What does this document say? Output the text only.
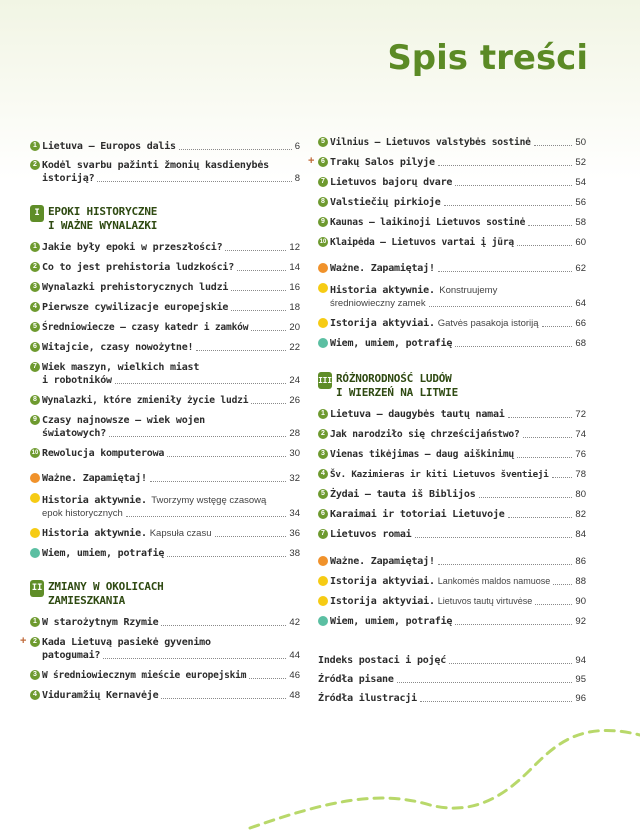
Spis treści
1 Lietuva — Europos dalis	6
2 Kodėl svarbu pažinti žmonių kasdienybės
istoriją?	8
I EPOKI HISTORYCZNE
I WAŻNE WYNALAZKI
1 Jakie były epoki w przeszłości?	12
2 Co to jest prehistoria ludzkości?	14
3 Wynalazki prehistorycznych ludzi	16
4 Pierwsze cywilizacje europejskie	18
5 Średniowiecze — czasy katedr i zamków	20
6 Witajcie, czasy nowożytne!	22
7 Wiek maszyn, wielkich miast
i robotników	24
8 Wynalazki, które zmieniły życie ludzi	26
9 Czasy najnowsze — wiek wojen
światowych?	28
10 Rewolucja komputerowa	30
Ważne. Zapamiętaj!	32
Historia aktywnie. Tworzymy wstęgę czasową
epok historycznych	34
Historia aktywnie. Kapsuła czasu	36
Wiem, umiem, potrafię	38
II ZMIANY W OKOLICACH
ZAMIESZKANIA
1 W starożytnym Rzymie	42
+ 2 Kada Lietuvą pasiekė gyvenimo
patogumai?	44
3 W średniowiecznym mieście europejskim	46
4 Viduramžių Kernavėje	48
5 Vilnius — Lietuvos valstybės sostinė	50
+ 6 Trakų Salos pilyje	52
7 Lietuvos bajorų dvare	54
8 Valstiečių pirkioje	56
9 Kaunas — laikinoji Lietuvos sostinė	58
10 Klaipėda — Lietuvos vartai į jūrą	60
Ważne. Zapamiętaj!	62
Historia aktywnie. Konstruujemy
średniowieczny zamek	64
Istorija aktyviai. Gatvės pasakoja istoriją	66
Wiem, umiem, potrafię	68
III RÓŻNORODNOŚĆ LUDÓW
I WIERZEŃ NA LITWIE
1 Lietuva — daugybės tautų namai	72
2 Jak narodziło się chrześcijaństwo?	74
3 Vienas tikėjimas — daug aiškinimų	76
4 Šv. Kazimieras ir kiti Lietuvos šventieji	78
5 Żydai — tauta iš Biblijos	80
6 Karaimai ir totoriai Lietuvoje	82
7 Lietuvos romai	84
Ważne. Zapamiętaj!	86
Istorija aktyviai. Lankomės maldos namuose	88
Istorija aktyviai. Lietuvos tautų virtuvėse	90
Wiem, umiem, potrafię	92
Indeks postaci i pojęć	94
Źródła pisane	95
Źródła ilustracji	96
